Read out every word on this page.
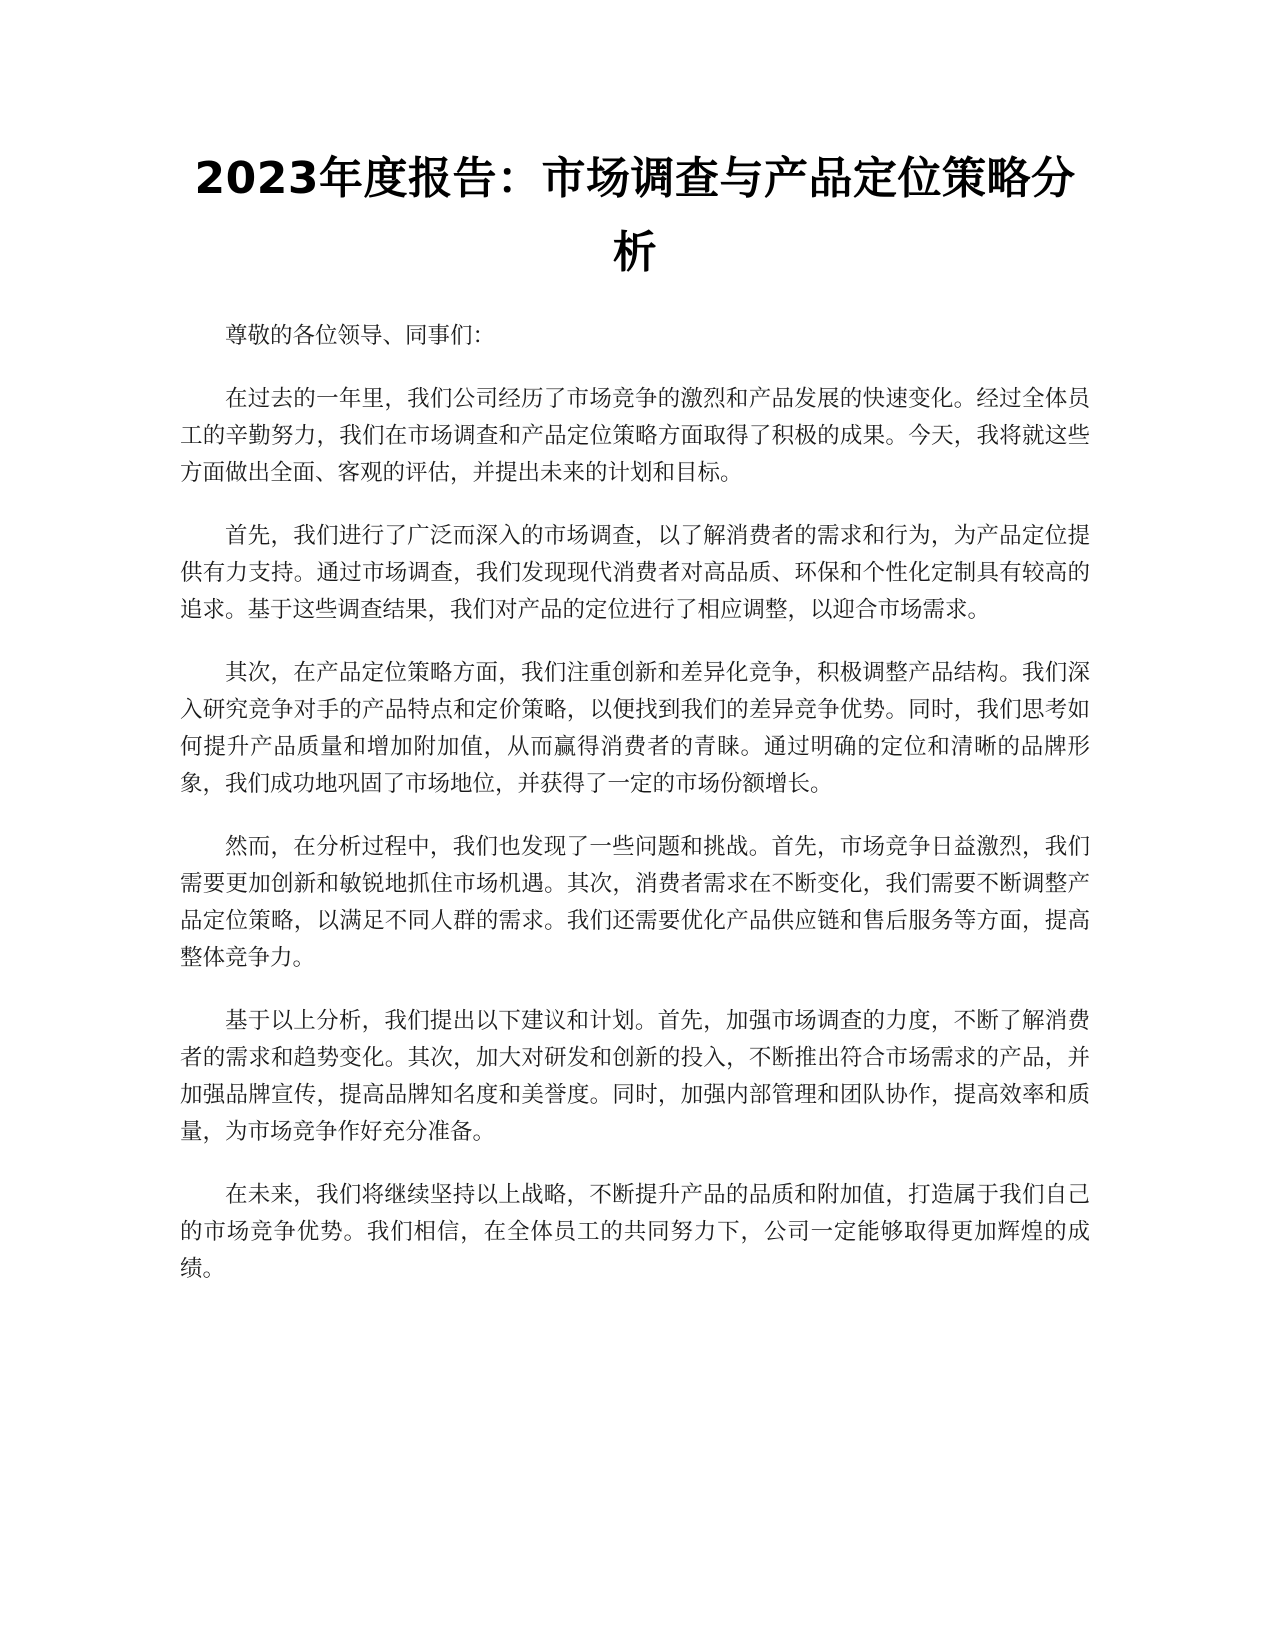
2023年度报告：市场调查与产品定位策略分析

尊敬的各位领导、同事们：

在过去的一年里，我们公司经历了市场竞争的激烈和产品发展的快速变化。经过全体员工的辛勤努力，我们在市场调查和产品定位策略方面取得了积极的成果。今天，我将就这些方面做出全面、客观的评估，并提出未来的计划和目标。

首先，我们进行了广泛而深入的市场调查，以了解消费者的需求和行为，为产品定位提供有力支持。通过市场调查，我们发现现代消费者对高品质、环保和个性化定制具有较高的追求。基于这些调查结果，我们对产品的定位进行了相应调整，以迎合市场需求。

其次，在产品定位策略方面，我们注重创新和差异化竞争，积极调整产品结构。我们深入研究竞争对手的产品特点和定价策略，以便找到我们的差异竞争优势。同时，我们思考如何提升产品质量和增加附加值，从而赢得消费者的青睐。通过明确的定位和清晰的品牌形象，我们成功地巩固了市场地位，并获得了一定的市场份额增长。

然而，在分析过程中，我们也发现了一些问题和挑战。首先，市场竞争日益激烈，我们需要更加创新和敏锐地抓住市场机遇。其次，消费者需求在不断变化，我们需要不断调整产品定位策略，以满足不同人群的需求。我们还需要优化产品供应链和售后服务等方面，提高整体竞争力。

基于以上分析，我们提出以下建议和计划。首先，加强市场调查的力度，不断了解消费者的需求和趋势变化。其次，加大对研发和创新的投入，不断推出符合市场需求的产品，并加强品牌宣传，提高品牌知名度和美誉度。同时，加强内部管理和团队协作，提高效率和质量，为市场竞争作好充分准备。

在未来，我们将继续坚持以上战略，不断提升产品的品质和附加值，打造属于我们自己的市场竞争优势。我们相信，在全体员工的共同努力下，公司一定能够取得更加辉煌的成绩。
